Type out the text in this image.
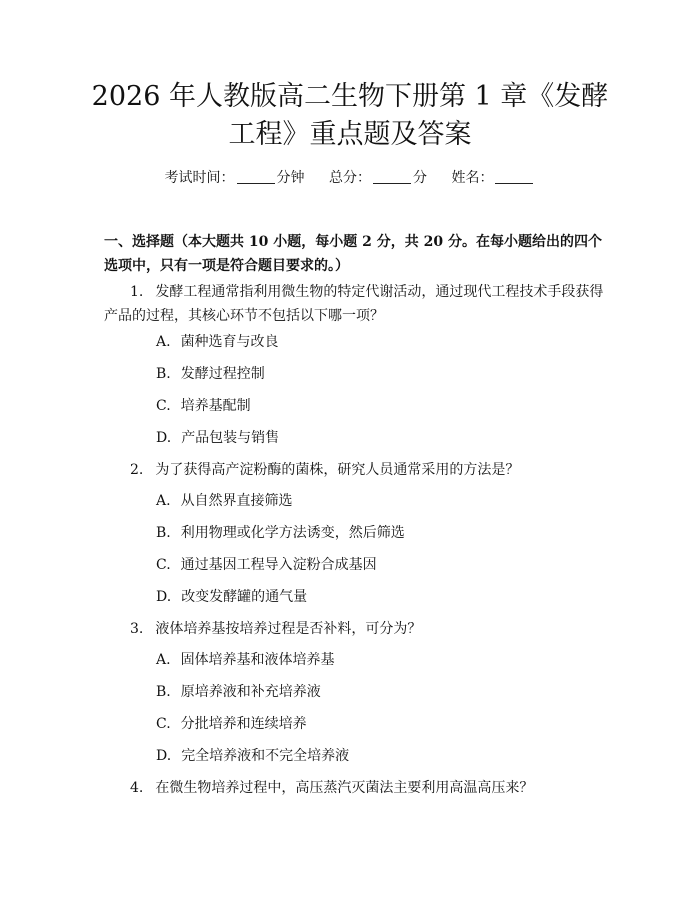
2026 年人教版高二生物下册第 1 章《发酵工程》重点题及答案
考试时间：	分钟 总分：	分 姓名：
一、选择题（本大题共 10 小题，每小题 2 分，共 20 分。在每小题给出的四个选项中，只有一项是符合题目要求的。）
1. 发酵工程通常指利用微生物的特定代谢活动，通过现代工程技术手段获得产品的过程，其核心环节不包括以下哪一项？
A. 菌种选育与改良
B. 发酵过程控制
C. 培养基配制
D. 产品包装与销售
2. 为了获得高产淀粉酶的菌株，研究人员通常采用的方法是？
A. 从自然界直接筛选
B. 利用物理或化学方法诱变，然后筛选
C. 通过基因工程导入淀粉合成基因
D. 改变发酵罐的通气量
3. 液体培养基按培养过程是否补料，可分为？
A. 固体培养基和液体培养基
B. 原培养液和补充培养液
C. 分批培养和连续培养
D. 完全培养液和不完全培养液
4. 在微生物培养过程中，高压蒸汽灭菌法主要利用高温高压来？
